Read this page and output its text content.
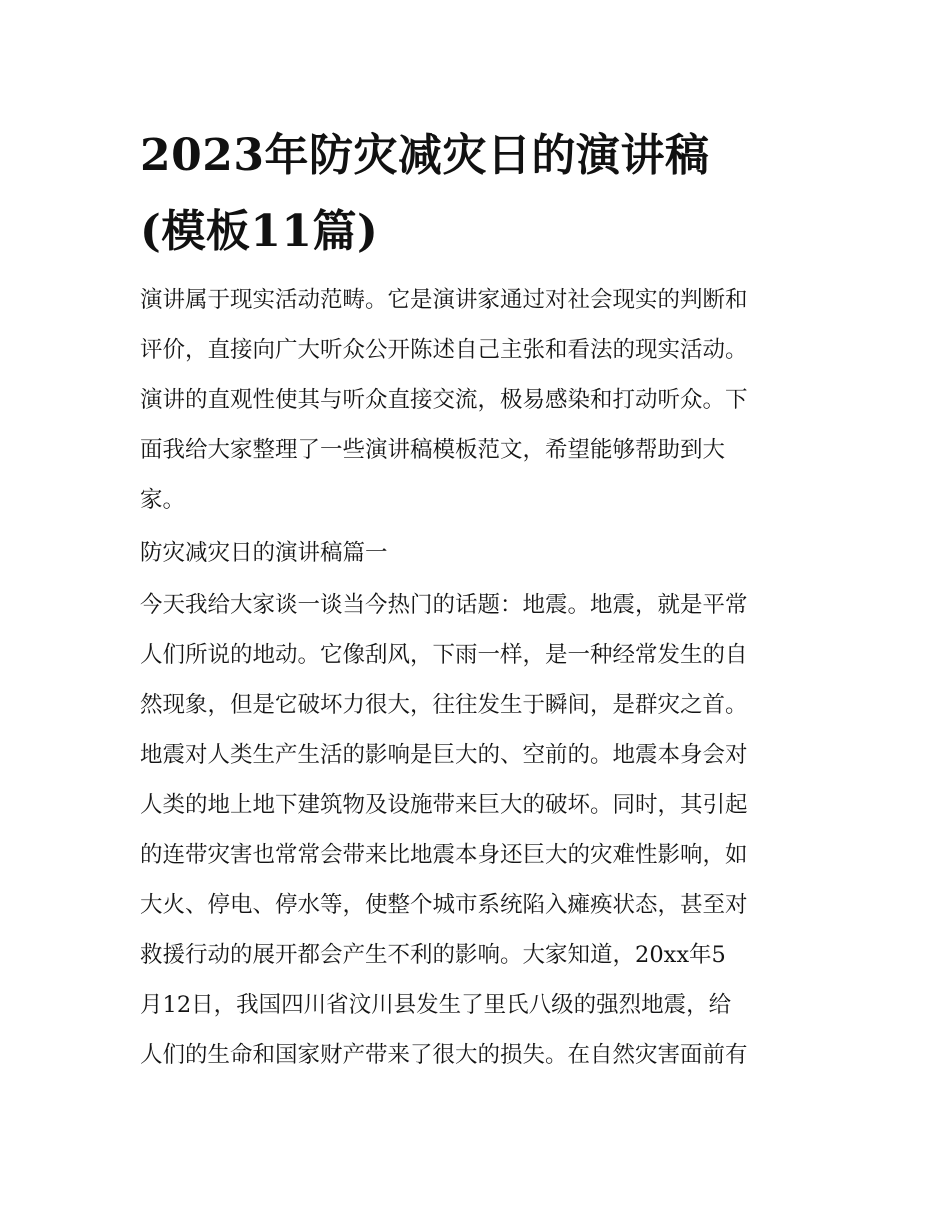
2023年防灾减灾日的演讲稿
(模板11篇)
演讲属于现实活动范畴。它是演讲家通过对社会现实的判断和
评价，直接向广大听众公开陈述自己主张和看法的现实活动。
演讲的直观性使其与听众直接交流，极易感染和打动听众。下
面我给大家整理了一些演讲稿模板范文，希望能够帮助到大
家。
防灾减灾日的演讲稿篇一
今天我给大家谈一谈当今热门的话题：地震。地震，就是平常
人们所说的地动。它像刮风，下雨一样，是一种经常发生的自
然现象，但是它破坏力很大，往往发生于瞬间，是群灾之首。
地震对人类生产生活的影响是巨大的、空前的。地震本身会对
人类的地上地下建筑物及设施带来巨大的破坏。同时，其引起
的连带灾害也常常会带来比地震本身还巨大的灾难性影响，如
大火、停电、停水等，使整个城市系统陷入瘫痪状态，甚至对
救援行动的展开都会产生不利的影响。大家知道，20xx年5
月12日，我国四川省汶川县发生了里氏八级的强烈地震，给
人们的生命和国家财产带来了很大的损失。在自然灾害面前有
